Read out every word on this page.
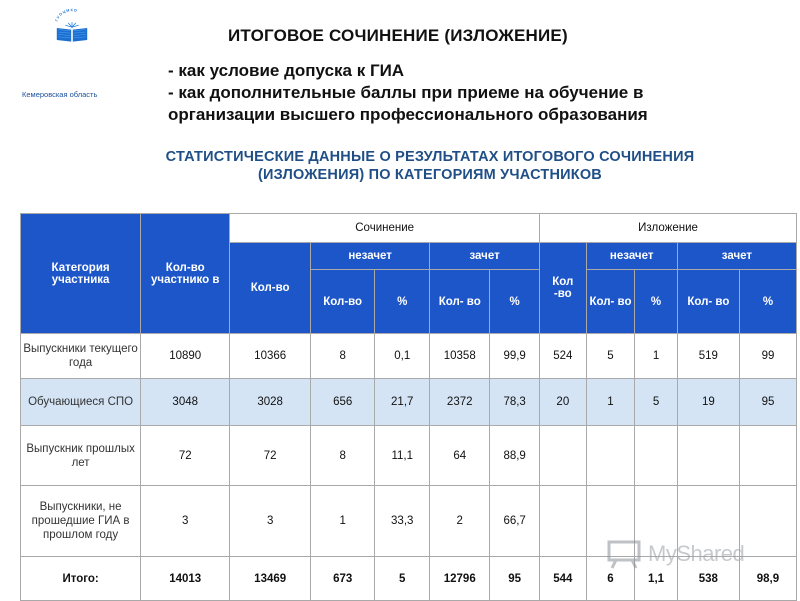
Г У О Ц М К О
Кемеровская область
ИТОГОВОЕ СОЧИНЕНИЕ (ИЗЛОЖЕНИЕ)
- как условие допуска к ГИА
- как дополнительные баллы при приеме на обучение в
организации высшего профессионального образования
СТАТИСТИЧЕСКИЕ ДАННЫЕ О РЕЗУЛЬТАТАХ ИТОГОВОГО СОЧИНЕНИЯ
(ИЗЛОЖЕНИЯ) ПО КАТЕГОРИЯМ УЧАСТНИКОВ
Категория участника	Кол-во участнико в	Сочинение					Изложение				
		Кол-во	незачет		зачет		Кол -во	незачет		зачет	
			Кол-во	%	Кол- во	%		Кол- во	%	Кол- во	%
Выпускники текущего года	10890	10366	8	0,1	10358	99,9	524	5	1	519	99
Обучающиеся СПО	3048	3028	656	21,7	2372	78,3	20	1	5	19	95
Выпускник прошлых лет	72	72	8	11,1	64	88,9					
Выпускники, не прошедшие ГИА в прошлом году	3	3	1	33,3	2	66,7					
Итого:	14013	13469	673	5	12796	95	544	6	1,1	538	98,9
MyShared
